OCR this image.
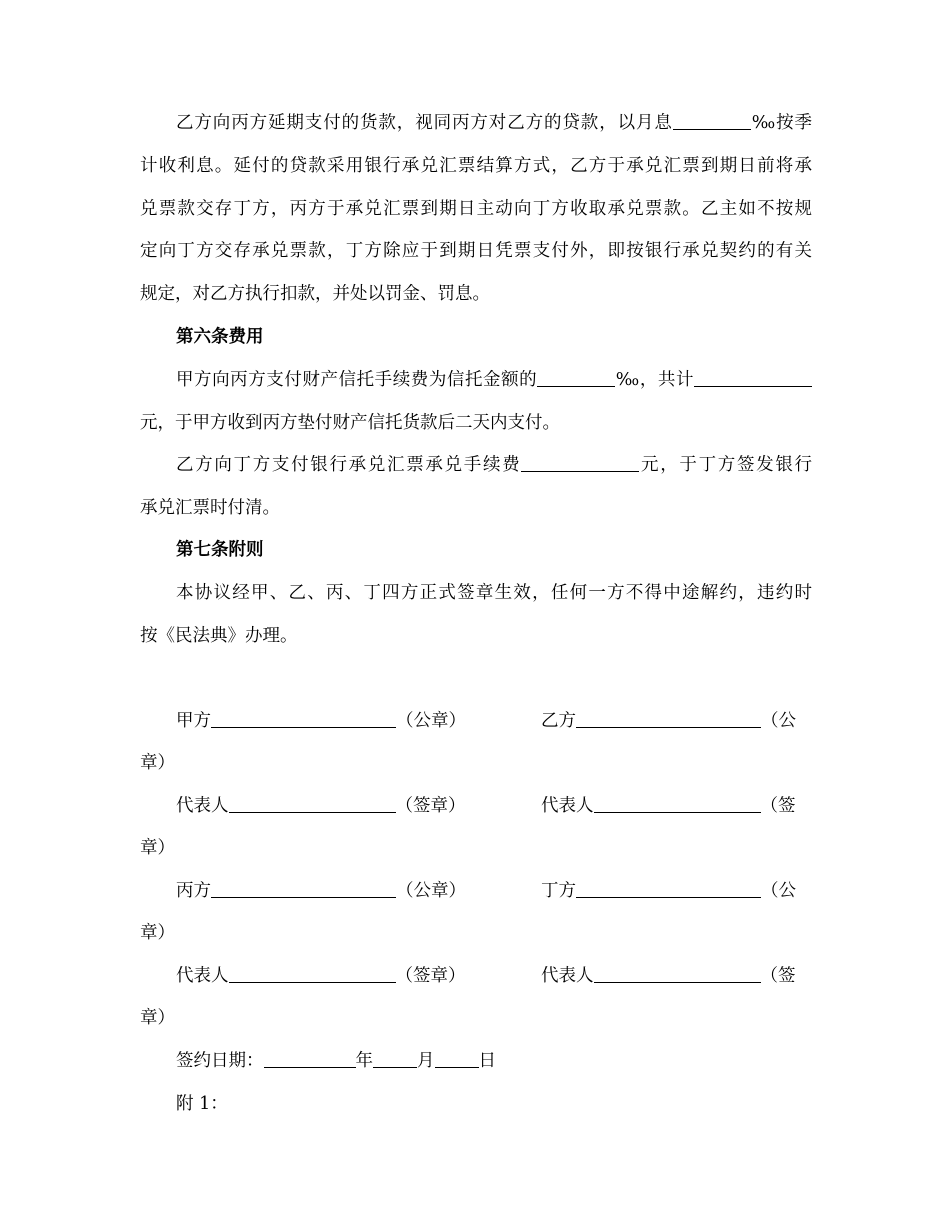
乙方向丙方延期支付的货款，视同丙方对乙方的贷款，以月息	‰按季
计收利息。延付的贷款采用银行承兑汇票结算方式，乙方于承兑汇票到期日前将承
兑票款交存丁方，丙方于承兑汇票到期日主动向丁方收取承兑票款。乙主如不按规
定向丁方交存承兑票款，丁方除应于到期日凭票支付外，即按银行承兑契约的有关
规定，对乙方执行扣款，并处以罚金、罚息。
第六条费用
甲方向丙方支付财产信托手续费为信托金额的	‰，共计
元，于甲方收到丙方垫付财产信托货款后二天内支付。
乙方向丁方支付银行承兑汇票承兑手续费	元，于丁方签发银行
承兑汇票时付清。
第七条附则
本协议经甲、乙、丙、丁四方正式签章生效，任何一方不得中途解约，违约时
按《民法典》办理。
甲方	（公章）	乙方	（公
章）
代表人	（签章）	代表人	（签
章）
丙方	（公章）	丁方	（公
章）
代表人	（签章）	代表人	（签
章）
签约日期：	年	月	日
附 1：
